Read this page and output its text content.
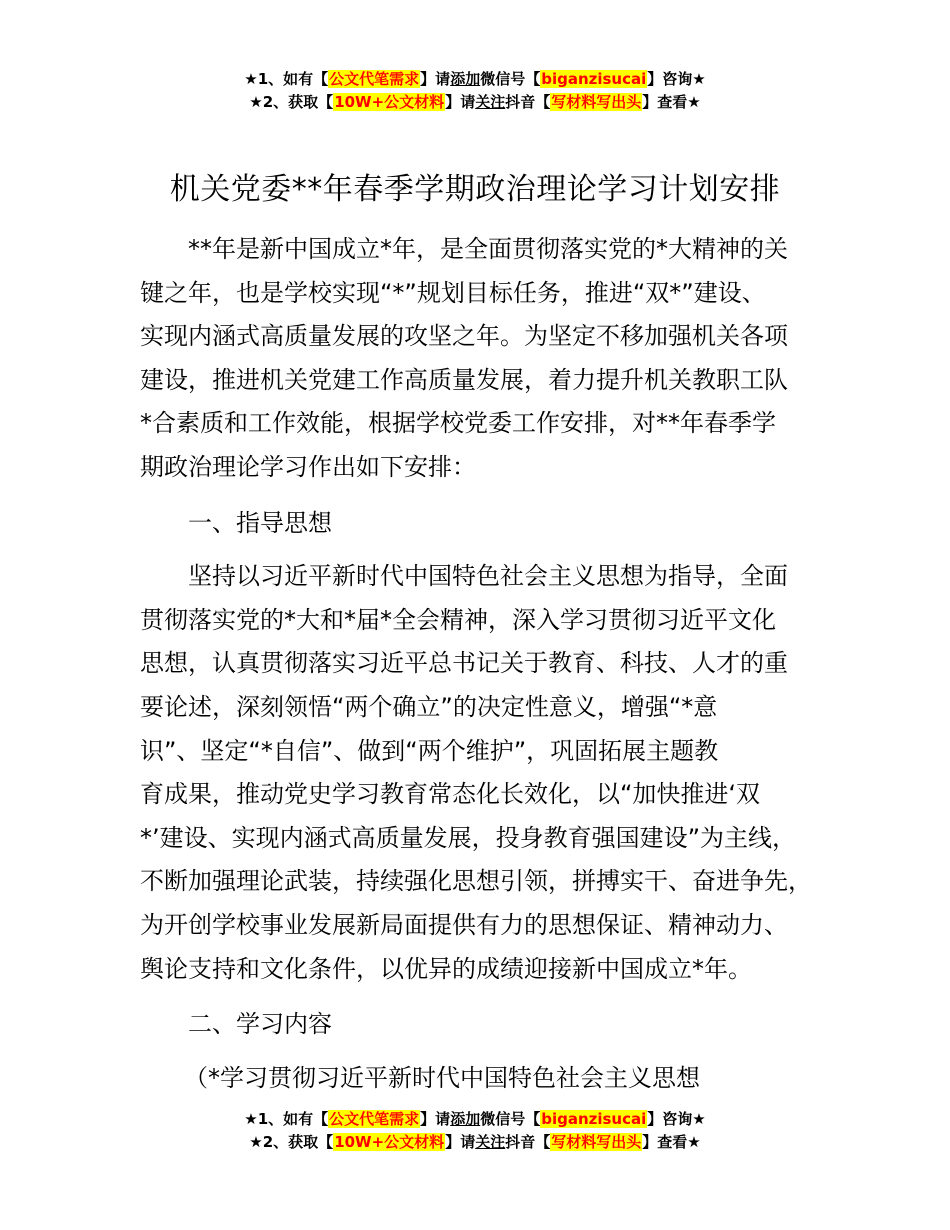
★1、如有【公文代笔需求】请添加微信号【biganzisucai】咨询★
★2、获取【10W+公文材料】请关注抖音【写材料写出头】查看★
机关党委**年春季学期政治理论学习计划安排

**年是新中国成立*年，是全面贯彻落实党的*大精神的关

键之年，也是学校实现“*”规划目标任务，推进“双*”建设、

实现内涵式高质量发展的攻坚之年。为坚定不移加强机关各项

建设，推进机关党建工作高质量发展，着力提升机关教职工队

*合素质和工作效能，根据学校党委工作安排，对**年春季学

期政治理论学习作出如下安排：

一、指导思想

坚持以习近平新时代中国特色社会主义思想为指导，全面

贯彻落实党的*大和*届*全会精神，深入学习贯彻习近平文化

思想，认真贯彻落实习近平总书记关于教育、科技、人才的重

要论述，深刻领悟“两个确立”的决定性意义，增强“*意

识”、坚定“*自信”、做到“两个维护”，巩固拓展主题教

育成果，推动党史学习教育常态化长效化，以“加快推进‘双

*’建设、实现内涵式高质量发展，投身教育强国建设”为主线，

不断加强理论武装，持续强化思想引领，拼搏实干、奋进争先，

为开创学校事业发展新局面提供有力的思想保证、精神动力、

舆论支持和文化条件，以优异的成绩迎接新中国成立*年。

二、学习内容

（*学习贯彻习近平新时代中国特色社会主义思想

★1、如有【公文代笔需求】请添加微信号【biganzisucai】咨询★
★2、获取【10W+公文材料】请关注抖音【写材料写出头】查看★
